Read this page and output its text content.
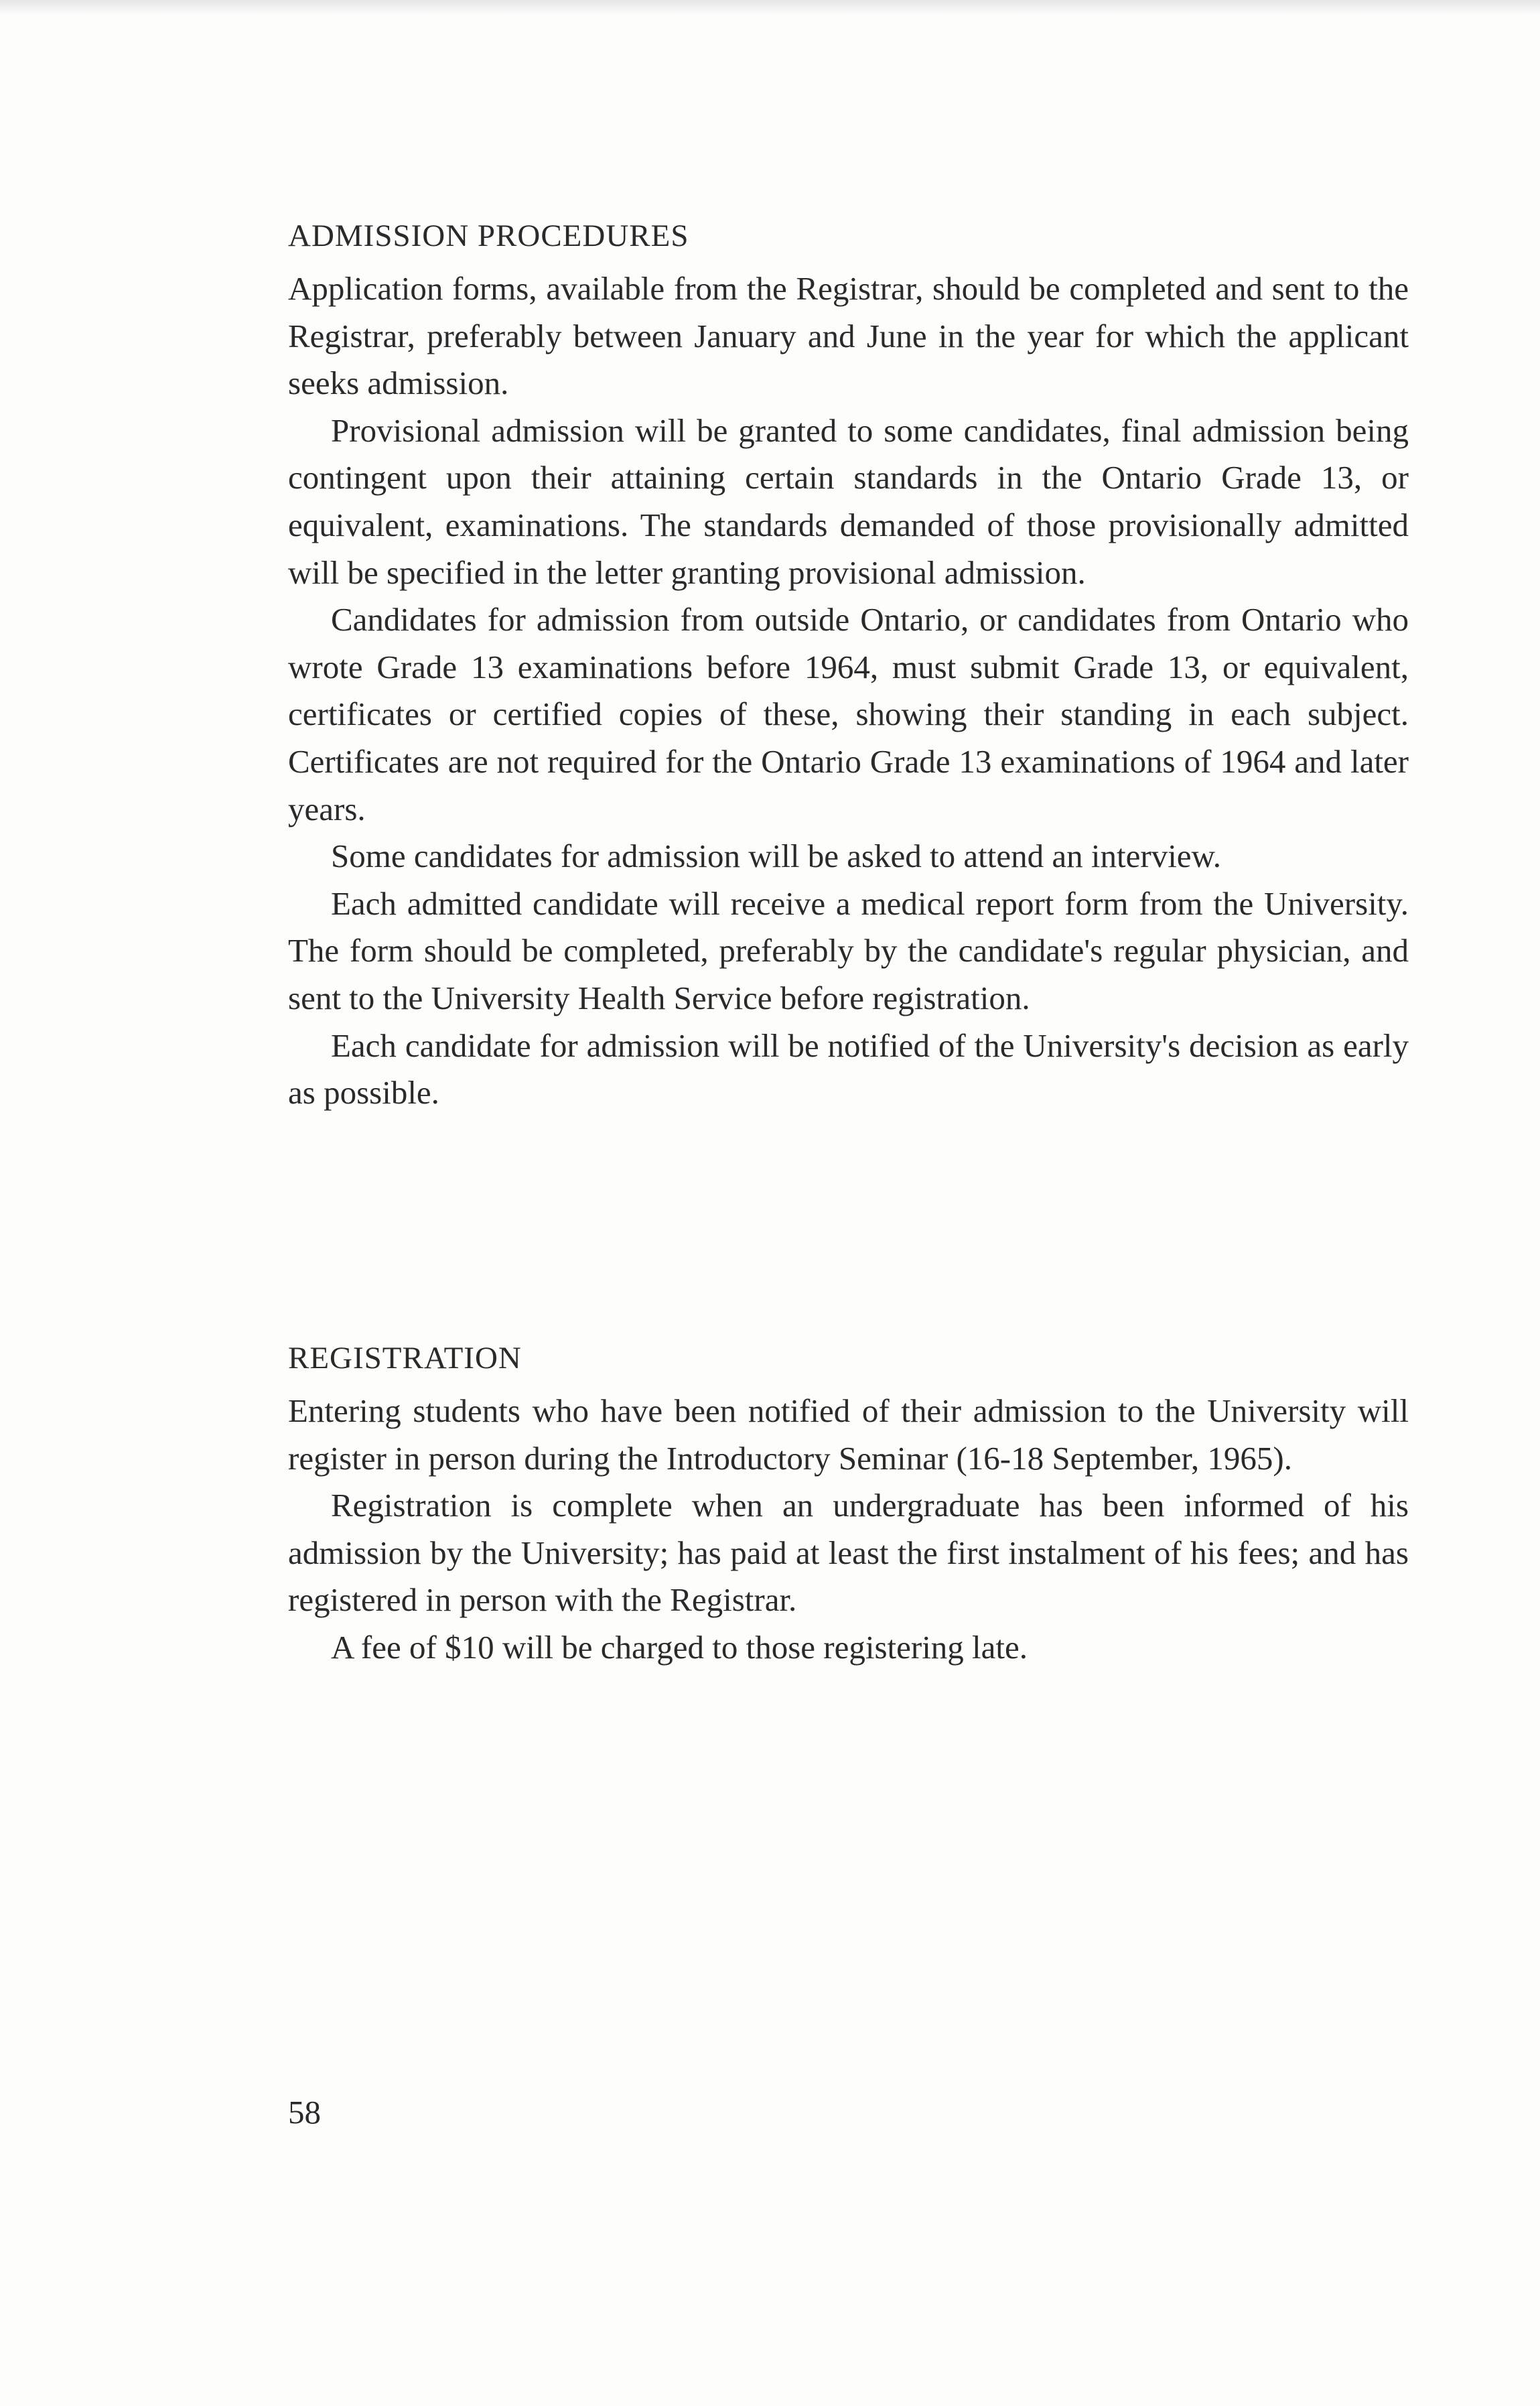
ADMISSION PROCEDURES

Application forms, available from the Registrar, should be completed and sent to the Registrar, preferably between January and June in the year for which the applicant seeks admission.

Provisional admission will be granted to some candidates, final admission being contingent upon their attaining certain standards in the Ontario Grade 13, or equivalent, examinations. The standards demanded of those provisionally admitted will be specified in the letter granting provisional admission.

Candidates for admission from outside Ontario, or candidates from Ontario who wrote Grade 13 examinations before 1964, must submit Grade 13, or equivalent, certificates or certified copies of these, showing their standing in each subject. Certificates are not required for the Ontario Grade 13 examinations of 1964 and later years.

Some candidates for admission will be asked to attend an interview.

Each admitted candidate will receive a medical report form from the University. The form should be completed, preferably by the candidate's regular physician, and sent to the University Health Service before registration.

Each candidate for admission will be notified of the University's decision as early as possible.

REGISTRATION

Entering students who have been notified of their admission to the University will register in person during the Introductory Seminar (16-18 September, 1965).

Registration is complete when an undergraduate has been informed of his admission by the University; has paid at least the first instalment of his fees; and has registered in person with the Registrar.

A fee of $10 will be charged to those registering late.

58
